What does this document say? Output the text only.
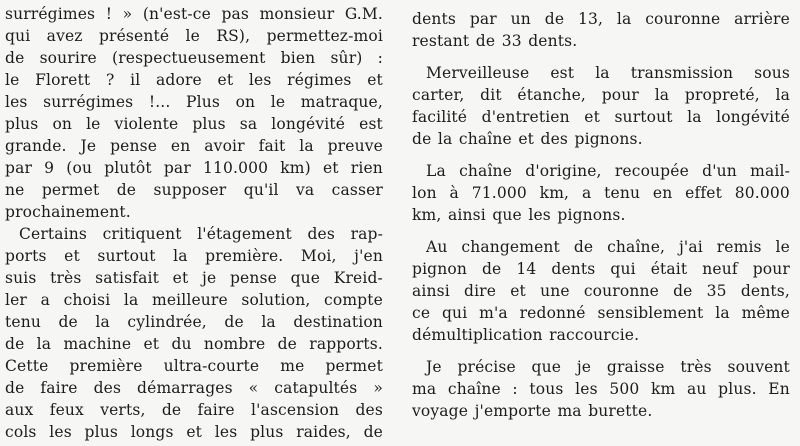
surrégimes ! » (n'est-ce pas monsieur G.M.
qui avez présenté le RS), permettez-moi
de sourire (respectueusement bien sûr) :
le Florett ? il adore et les régimes et
les surrégimes !... Plus on le matraque,
plus on le violente plus sa longévité est
grande. Je pense en avoir fait la preuve
par 9 (ou plutôt par 110.000 km) et rien
ne permet de supposer qu'il va casser
prochainement.
Certains critiquent l'étagement des rap-
ports et surtout la première. Moi, j'en
suis très satisfait et je pense que Kreid-
ler a choisi la meilleure solution, compte
tenu de la cylindrée, de la destination
de la machine et du nombre de rapports.
Cette première ultra-courte me permet
de faire des démarrages « catapultés »
aux feux verts, de faire l'ascension des
cols les plus longs et les plus raides, de
dents par un de 13, la couronne arrière
restant de 33 dents.
Merveilleuse est la transmission sous
carter, dit étanche, pour la propreté, la
facilité d'entretien et surtout la longévité
de la chaîne et des pignons.
La chaîne d'origine, recoupée d'un mail-
lon à 71.000 km, a tenu en effet 80.000
km, ainsi que les pignons.
Au changement de chaîne, j'ai remis le
pignon de 14 dents qui était neuf pour
ainsi dire et une couronne de 35 dents,
ce qui m'a redonné sensiblement la même
démultiplication raccourcie.
Je précise que je graisse très souvent
ma chaîne : tous les 500 km au plus. En
voyage j'emporte ma burette.
